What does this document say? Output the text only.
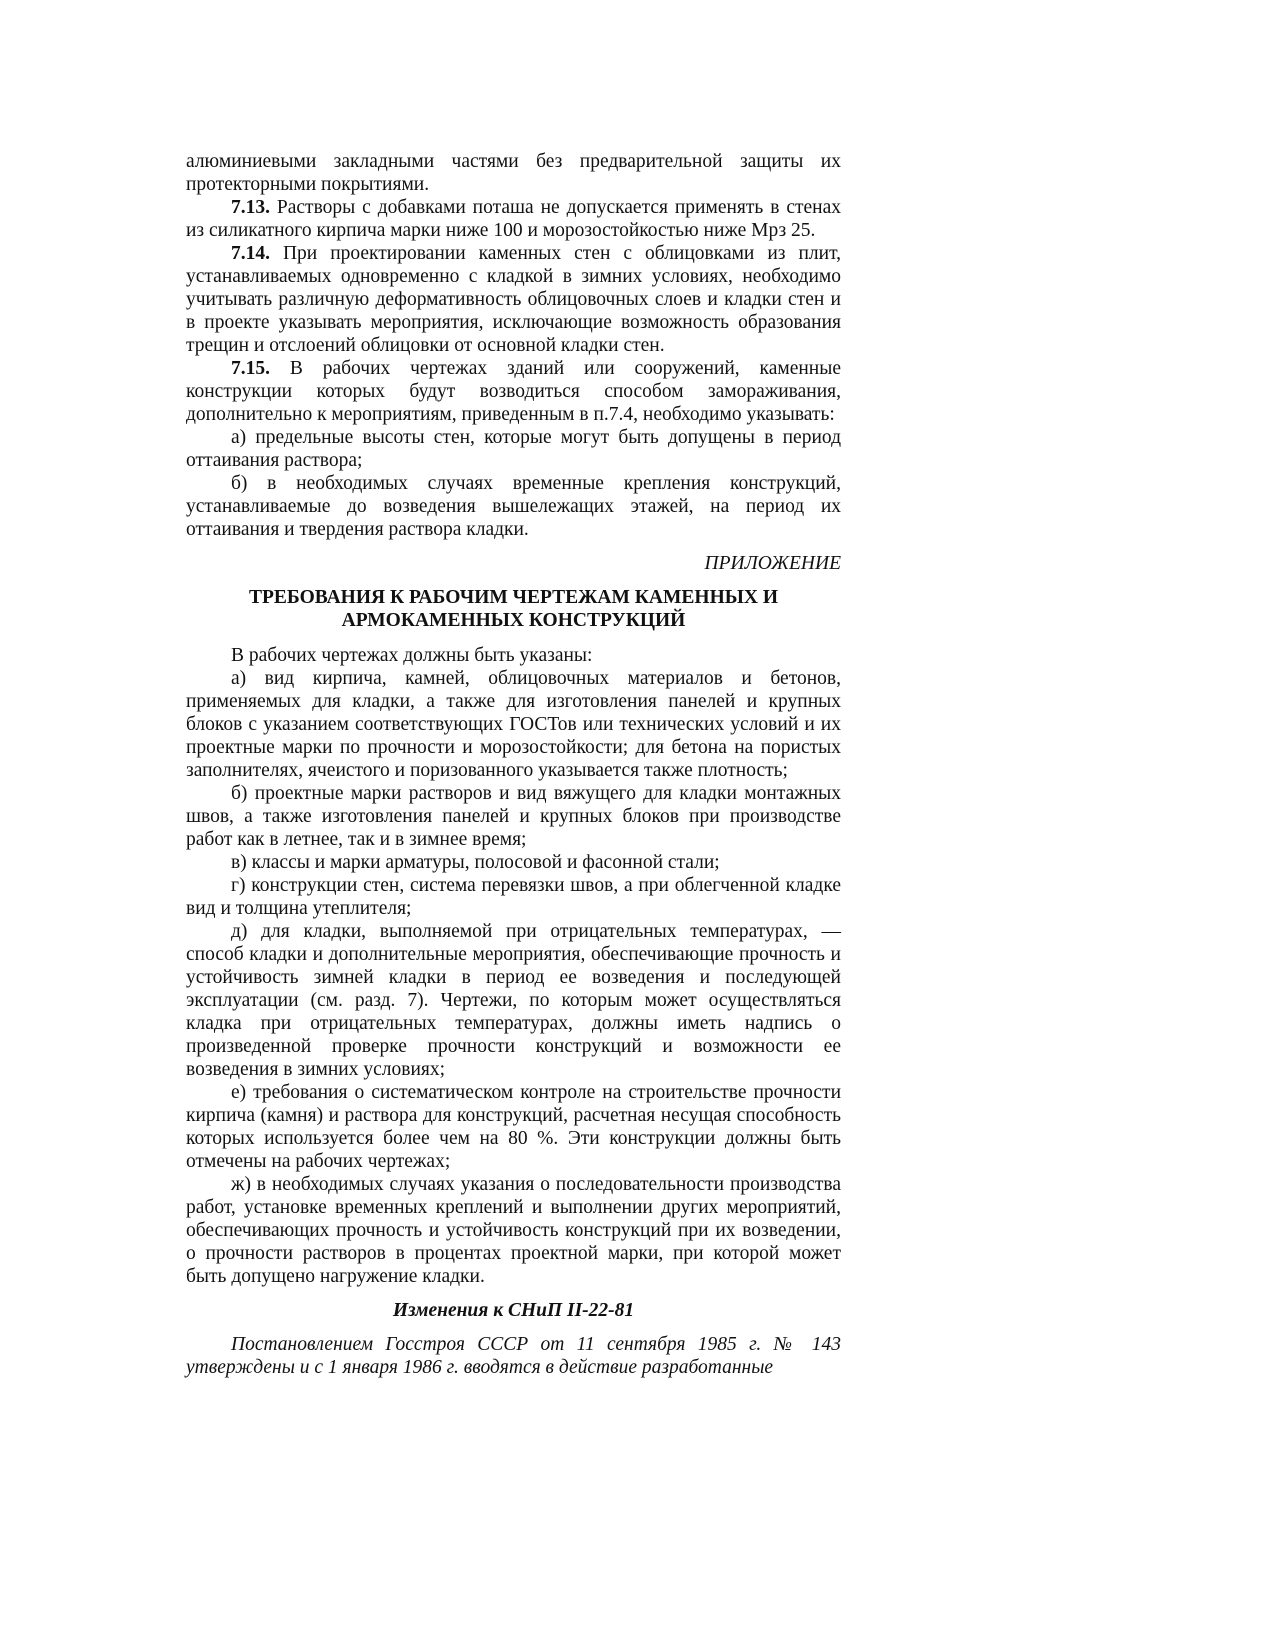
алюминиевыми закладными частями без предварительной защиты их протекторными покрытиями.

7.13. Растворы с добавками поташа не допускается применять в стенах из силикатного кирпича марки ниже 100 и морозостойкостью ниже Мрз 25.

7.14. При проектировании каменных стен с облицовками из плит, устанавливаемых одновременно с кладкой в зимних условиях, необходимо учитывать различную деформативность облицовочных слоев и кладки стен и в проекте указывать мероприятия, исключающие возможность образования трещин и отслоений облицовки от основной кладки стен.

7.15. В рабочих чертежах зданий или сооружений, каменные конструкции которых будут возводиться способом замораживания, дополнительно к мероприятиям, приведенным в п.7.4, необходимо указывать:

а) предельные высоты стен, которые могут быть допущены в период оттаивания раствора;

б) в необходимых случаях временные крепления конструкций, устанавливаемые до возведения вышележащих этажей, на период их оттаивания и твердения раствора кладки.

ПРИЛОЖЕНИЕ

ТРЕБОВАНИЯ К РАБОЧИМ ЧЕРТЕЖАМ КАМЕННЫХ И АРМОКАМЕННЫХ КОНСТРУКЦИЙ

В рабочих чертежах должны быть указаны:

а) вид кирпича, камней, облицовочных материалов и бетонов, применяемых для кладки, а также для изготовления панелей и крупных блоков с указанием соответствующих ГОСТов или технических условий и их проектные марки по прочности и морозостойкости; для бетона на пористых заполнителях, ячеистого и поризованного указывается также плотность;

б) проектные марки растворов и вид вяжущего для кладки монтажных швов, а также изготовления панелей и крупных блоков при производстве работ как в летнее, так и в зимнее время;

в) классы и марки арматуры, полосовой и фасонной стали;

г) конструкции стен, система перевязки швов, а при облегченной кладке вид и толщина утеплителя;

д) для кладки, выполняемой при отрицательных температурах, — способ кладки и дополнительные мероприятия, обеспечивающие прочность и устойчивость зимней кладки в период ее возведения и последующей эксплуатации (см. разд. 7). Чертежи, по которым может осуществляться кладка при отрицательных температурах, должны иметь надпись о произведенной проверке прочности конструкций и возможности ее возведения в зимних условиях;

е) требования о систематическом контроле на строительстве прочности кирпича (камня) и раствора для конструкций, расчетная несущая способность которых используется более чем на 80 %. Эти конструкции должны быть отмечены на рабочих чертежах;

ж) в необходимых случаях указания о последовательности производства работ, установке временных креплений и выполнении других мероприятий, обеспечивающих прочность и устойчивость конструкций при их возведении, о прочности растворов в процентах проектной марки, при которой может быть допущено нагружение кладки.

Изменения к СНиП II-22-81

Постановлением Госстроя СССР от 11 сентября 1985 г. № 143 утверждены и с 1 января 1986 г. вводятся в действие разработанные
